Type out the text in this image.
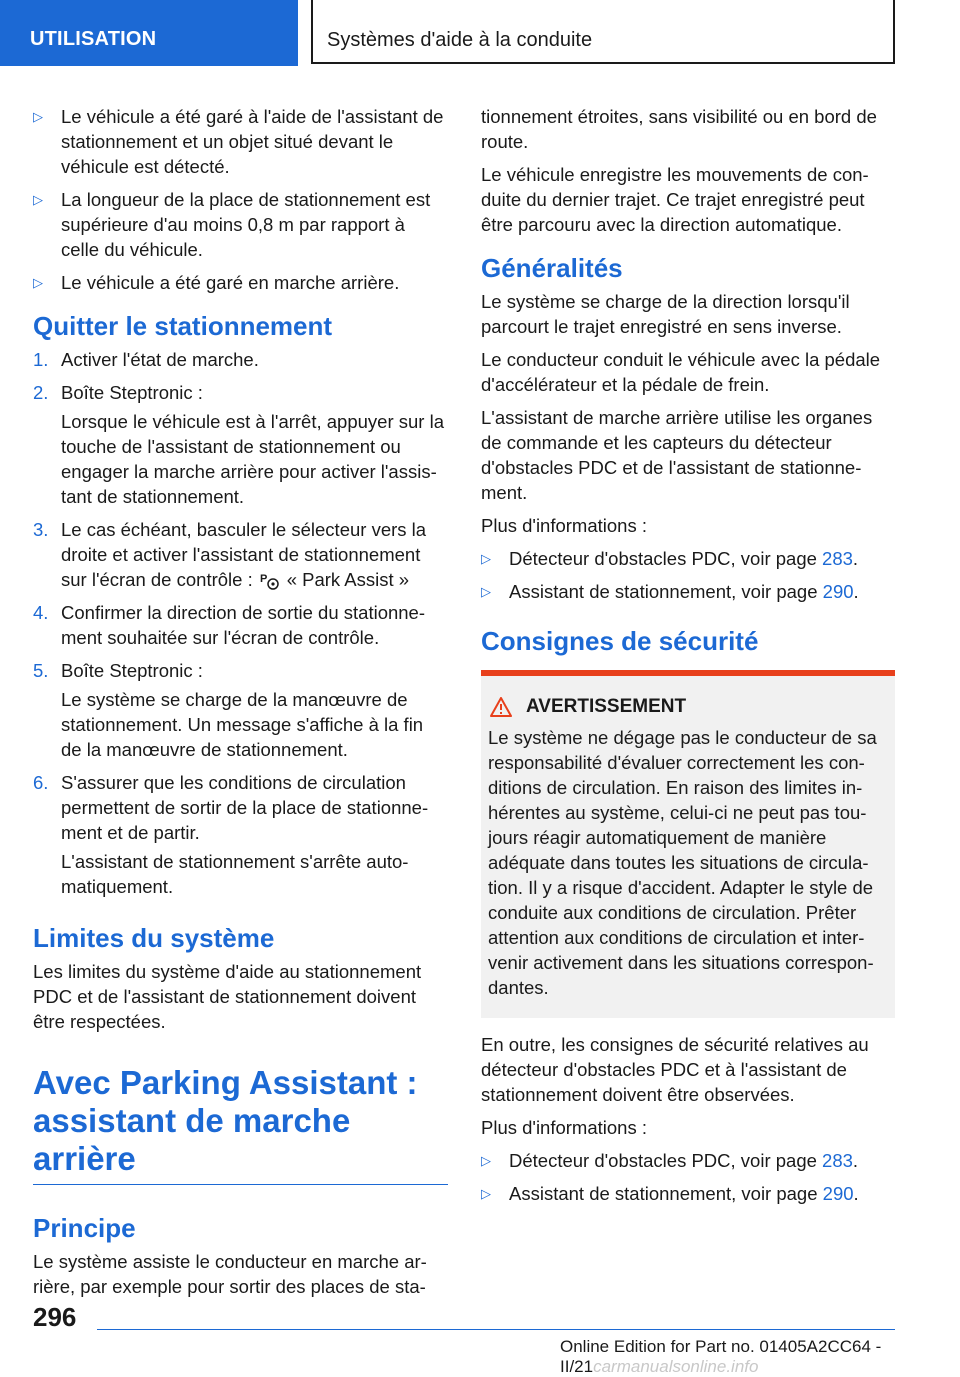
UTILISATION	Systèmes d'aide à la conduite
▷ Le véhicule a été garé à l'aide de l'assistant de stationnement et un objet situé devant le véhicule est détecté.
▷ La longueur de la place de stationnement est supérieure d'au moins 0,8 m par rapport à celle du véhicule.
▷ Le véhicule a été garé en marche arrière.
Quitter le stationnement
1. Activer l'état de marche.
2. Boîte Steptronic :
Lorsque le véhicule est à l'arrêt, appuyer sur la touche de l'assistant de stationnement ou engager la marche arrière pour activer l'assistant de stationnement.
3. Le cas échéant, basculer le sélecteur vers la droite et activer l'assistant de stationnement sur l'écran de contrôle : P « Park Assist »
4. Confirmer la direction de sortie du stationnement souhaitée sur l'écran de contrôle.
5. Boîte Steptronic :
Le système se charge de la manœuvre de stationnement. Un message s'affiche à la fin de la manœuvre de stationnement.
6. S'assurer que les conditions de circulation permettent de sortir de la place de stationnement et de partir.
L'assistant de stationnement s'arrête automatiquement.
Limites du système

Les limites du système d'aide au stationnement PDC et de l'assistant de stationnement doivent être respectées.

Avec Parking Assistant : assistant de marche arrière
Principe

Le système assiste le conducteur en marche arrière, par exemple pour sortir des places de sta-

tionnement étroites, sans visibilité ou en bord de route.

Le véhicule enregistre les mouvements de conduite du dernier trajet. Ce trajet enregistré peut être parcouru avec la direction automatique.

Généralités

Le système se charge de la direction lorsqu'il parcourt le trajet enregistré en sens inverse.

Le conducteur conduit le véhicule avec la pédale d'accélérateur et la pédale de frein.

L'assistant de marche arrière utilise les organes de commande et les capteurs du détecteur d'obstacles PDC et de l'assistant de stationnement.

Plus d'informations :

▷ Détecteur d'obstacles PDC, voir page 283.
▷ Assistant de stationnement, voir page 290.
Consignes de sécurité
AVERTISSEMENT
Le système ne dégage pas le conducteur de sa responsabilité d'évaluer correctement les conditions de circulation. En raison des limites inhérentes au système, celui-ci ne peut pas toujours réagir automatiquement de manière adéquate dans toutes les situations de circulation. Il y a risque d'accident. Adapter le style de conduite aux conditions de circulation. Prêter attention aux conditions de circulation et intervenir activement dans les situations correspondantes.

En outre, les consignes de sécurité relatives au détecteur d'obstacles PDC et à l'assistant de stationnement doivent être observées.

Plus d'informations :

▷ Détecteur d'obstacles PDC, voir page 283.
▷ Assistant de stationnement, voir page 290.
296
Online Edition for Part no. 01405A2CC64 - II/21carmanualsonline.info
